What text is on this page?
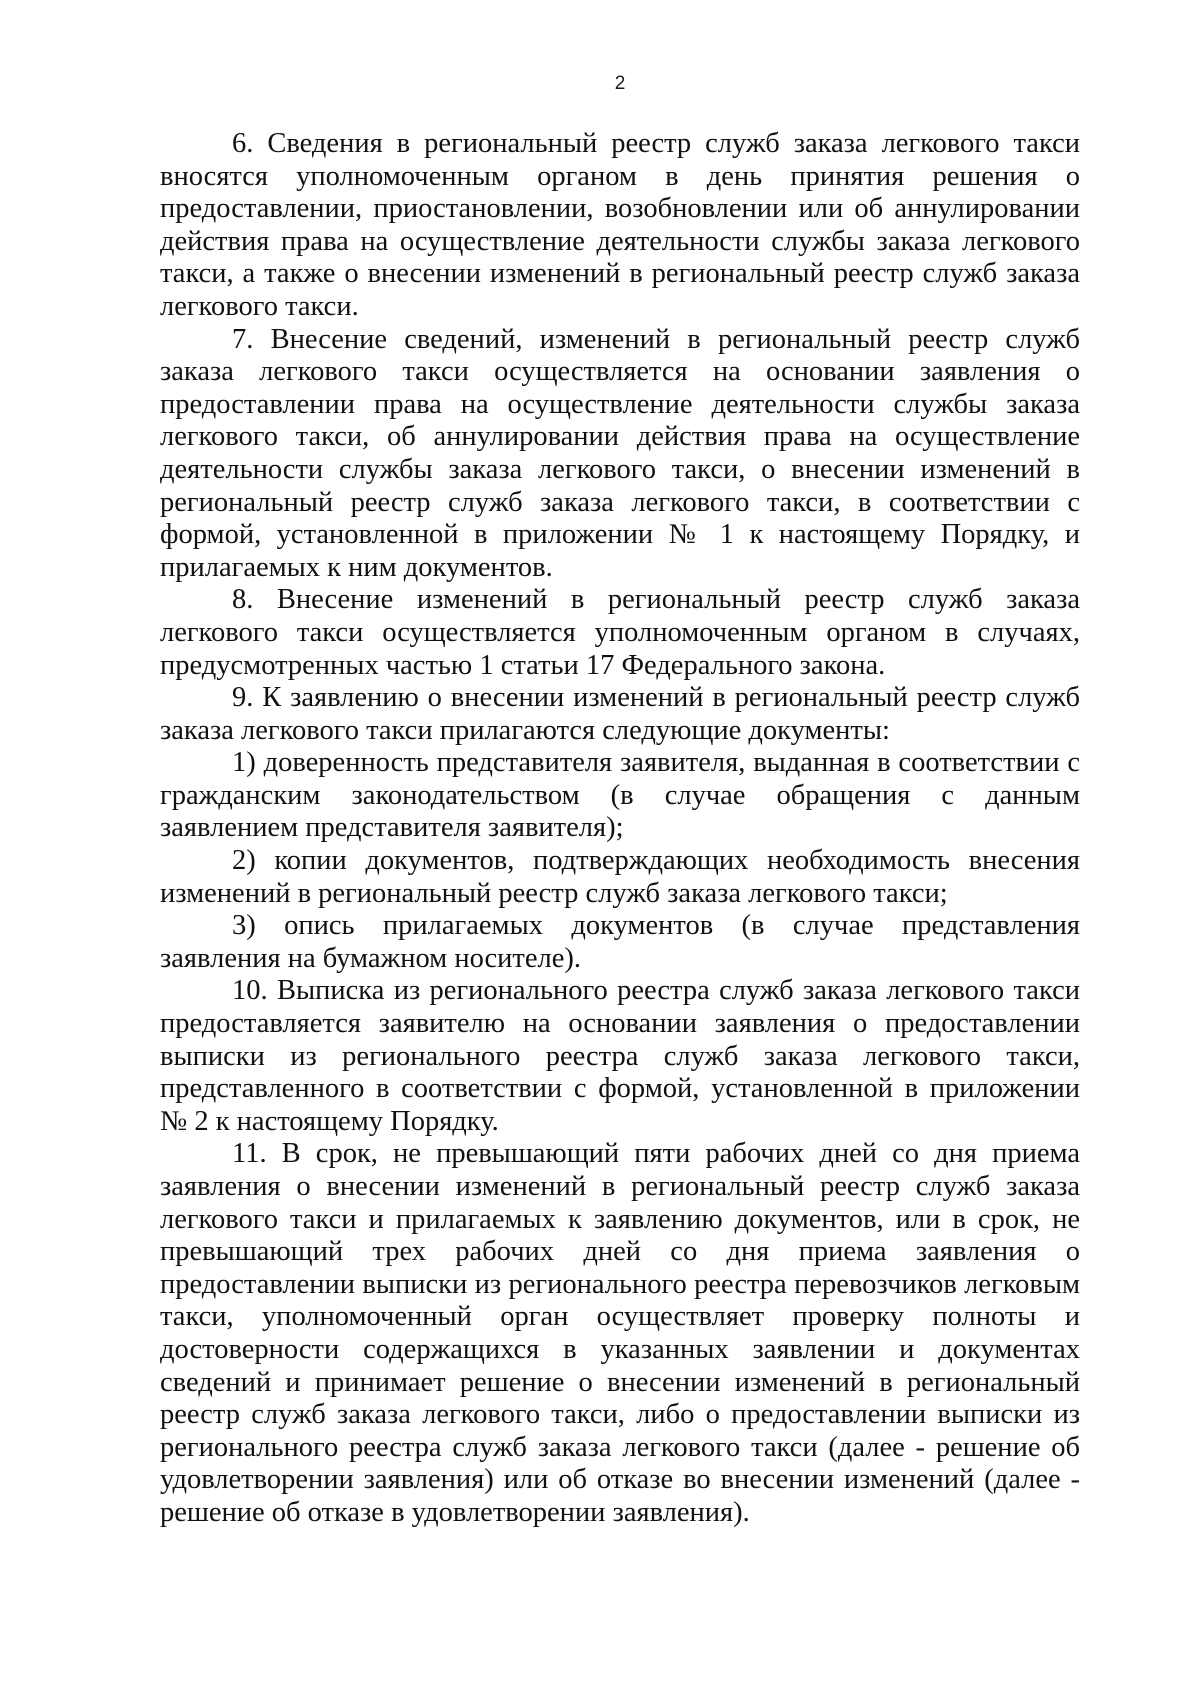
2

6. Сведения в региональный реестр служб заказа легкового такси вносятся уполномоченным органом в день принятия решения о предоставлении, приостановлении, возобновлении или об аннулировании действия права на осуществление деятельности службы заказа легкового такси, а также о внесении изменений в региональный реестр служб заказа легкового такси.

7. Внесение сведений, изменений в региональный реестр служб заказа легкового такси осуществляется на основании заявления о предоставлении права на осуществление деятельности службы заказа легкового такси, об аннулировании действия права на осуществление деятельности службы заказа легкового такси, о внесении изменений в региональный реестр служб заказа легкового такси, в соответствии с формой, установленной в приложении № 1 к настоящему Порядку, и прилагаемых к ним документов.

8. Внесение изменений в региональный реестр служб заказа легкового такси осуществляется уполномоченным органом в случаях, предусмотренных частью 1 статьи 17 Федерального закона.

9. К заявлению о внесении изменений в региональный реестр служб заказа легкового такси прилагаются следующие документы:

1) доверенность представителя заявителя, выданная в соответствии с гражданским законодательством (в случае обращения с данным заявлением представителя заявителя);

2) копии документов, подтверждающих необходимость внесения изменений в региональный реестр служб заказа легкового такси;

3) опись прилагаемых документов (в случае представления заявления на бумажном носителе).

10. Выписка из регионального реестра служб заказа легкового такси предоставляется заявителю на основании заявления о предоставлении выписки из регионального реестра служб заказа легкового такси, представленного в соответствии с формой, установленной в приложении № 2 к настоящему Порядку.

11. В срок, не превышающий пяти рабочих дней со дня приема заявления о внесении изменений в региональный реестр служб заказа легкового такси и прилагаемых к заявлению документов, или в срок, не превышающий трех рабочих дней со дня приема заявления о предоставлении выписки из регионального реестра перевозчиков легковым такси, уполномоченный орган осуществляет проверку полноты и достоверности содержащихся в указанных заявлении и документах сведений и принимает решение о внесении изменений в региональный реестр служб заказа легкового такси, либо о предоставлении выписки из регионального реестра служб заказа легкового такси (далее - решение об удовлетворении заявления) или об отказе во внесении изменений (далее - решение об отказе в удовлетворении заявления).
